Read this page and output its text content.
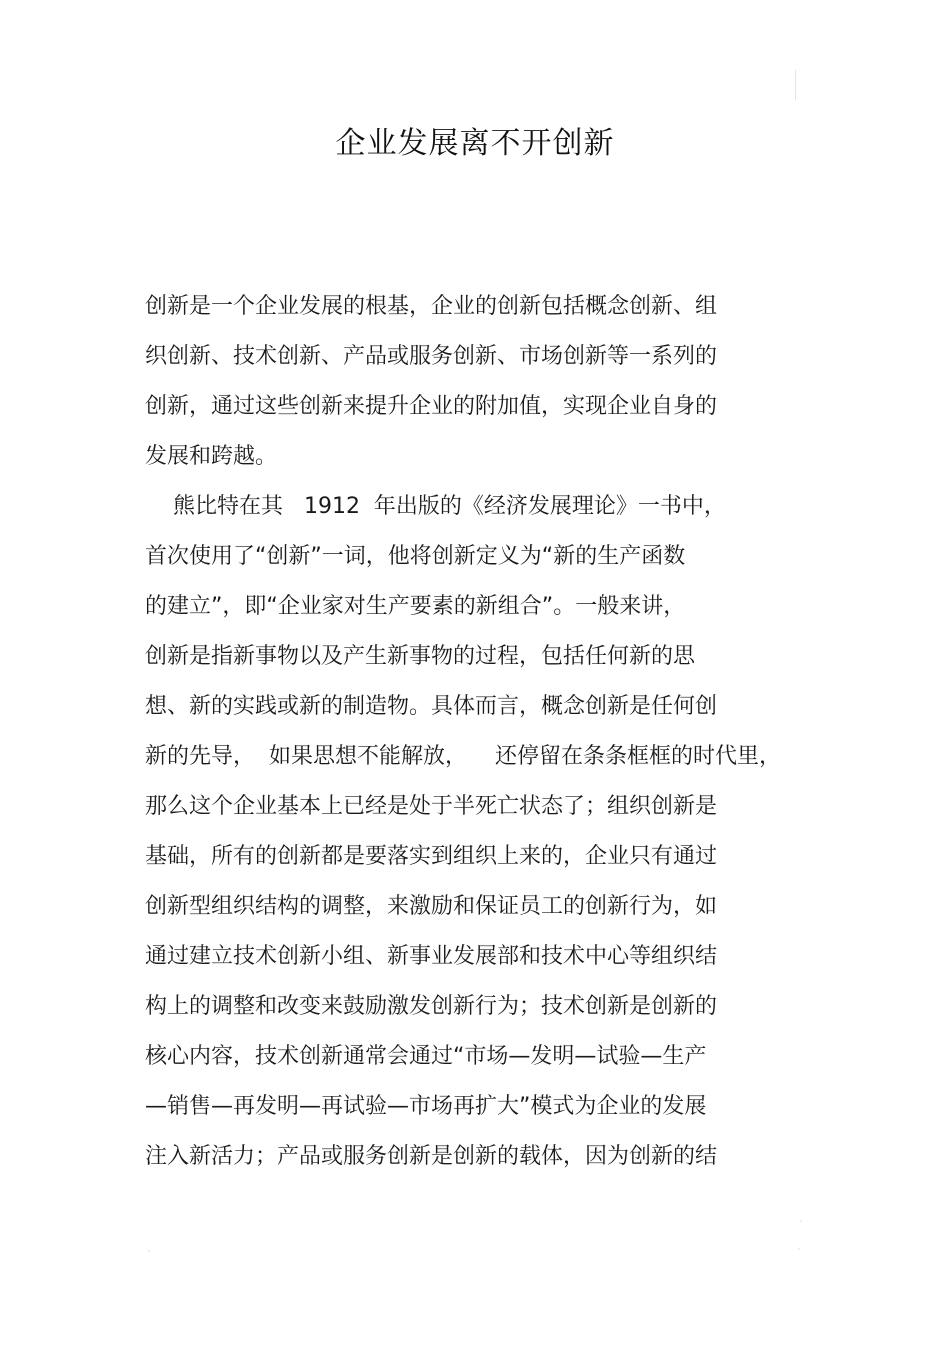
企业发展离不开创新
创新是一个企业发展的根基，企业的创新包括概念创新、组
织创新、技术创新、产品或服务创新、市场创新等一系列的
创新，通过这些创新来提升企业的附加值，实现企业自身的
发展和跨越。
熊比特在其   1912  年出版的《经济发展理论》一书中，
首次使用了“创新”一词，他将创新定义为“新的生产函数
的建立”，即“企业家对生产要素的新组合”。一般来讲，
创新是指新事物以及产生新事物的过程，包括任何新的思
想、新的实践或新的制造物。具体而言，概念创新是任何创
新的先导，  如果思想不能解放，    还停留在条条框框的时代里，
那么这个企业基本上已经是处于半死亡状态了；组织创新是
基础，所有的创新都是要落实到组织上来的，企业只有通过
创新型组织结构的调整，来激励和保证员工的创新行为，如
通过建立技术创新小组、新事业发展部和技术中心等组织结
构上的调整和改变来鼓励激发创新行为；技术创新是创新的
核心内容，技术创新通常会通过“市场—发明—试验—生产
—销售—再发明—再试验—市场再扩大”模式为企业的发展
注入新活力；产品或服务创新是创新的载体，因为创新的结
